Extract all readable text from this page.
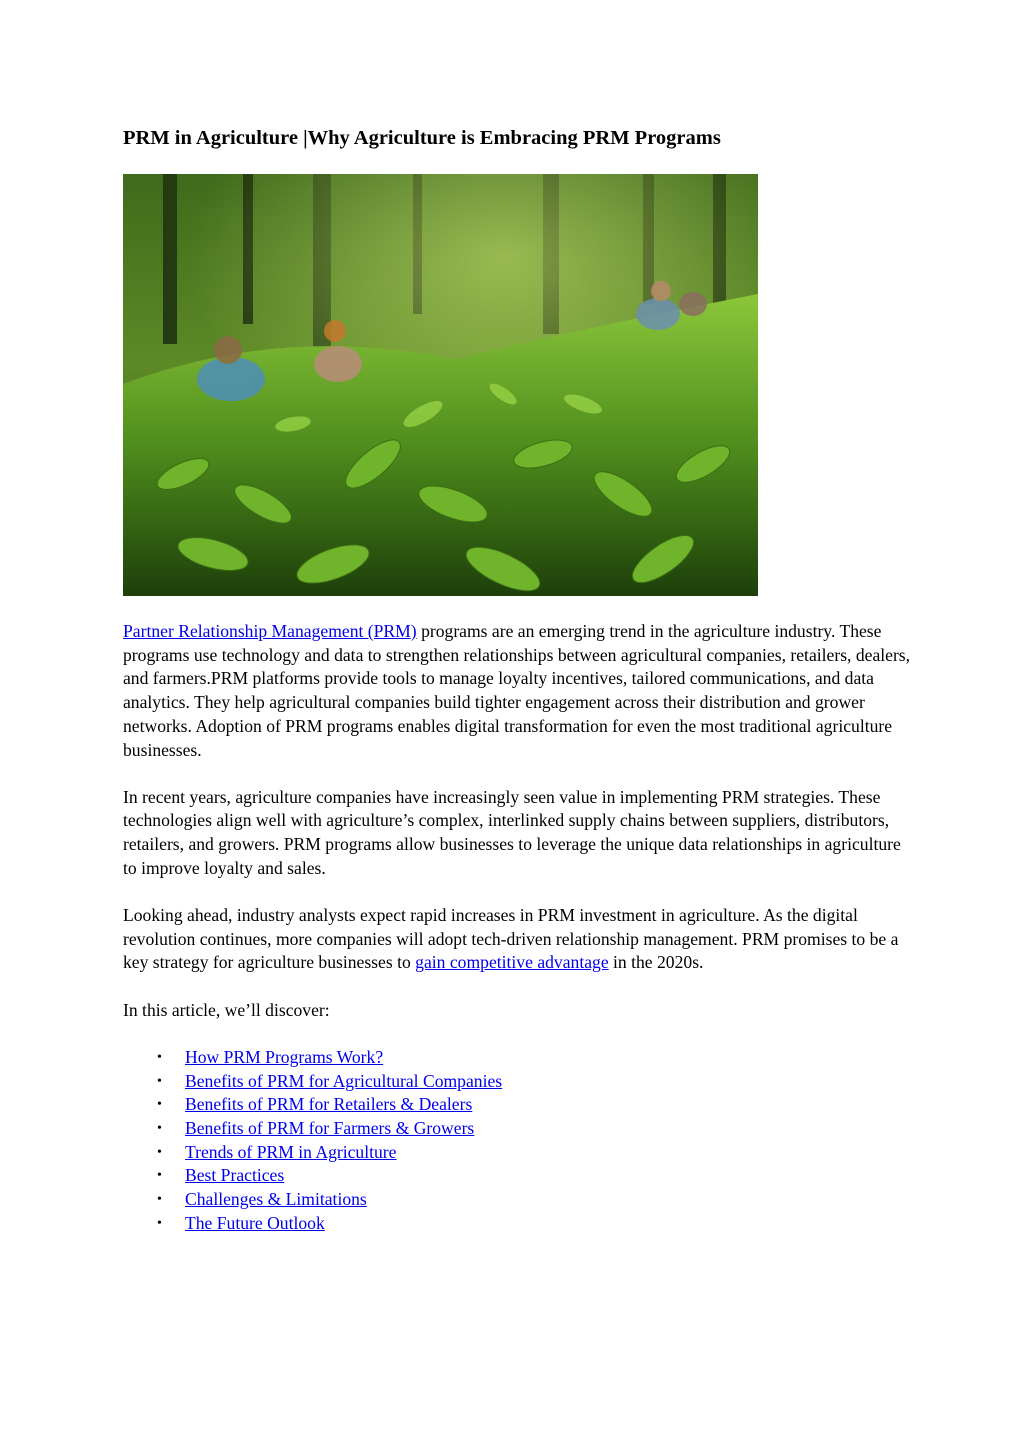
PRM in Agriculture |Why Agriculture is Embracing PRM Programs

Partner Relationship Management (PRM) programs are an emerging trend in the agriculture industry. These programs use technology and data to strengthen relationships between agricultural companies, retailers, dealers, and farmers.PRM platforms provide tools to manage loyalty incentives, tailored communications, and data analytics. They help agricultural companies build tighter engagement across their distribution and grower networks. Adoption of PRM programs enables digital transformation for even the most traditional agriculture businesses.

In recent years, agriculture companies have increasingly seen value in implementing PRM strategies. These technologies align well with agriculture’s complex, interlinked supply chains between suppliers, distributors, retailers, and growers. PRM programs allow businesses to leverage the unique data relationships in agriculture to improve loyalty and sales.

Looking ahead, industry analysts expect rapid increases in PRM investment in agriculture. As the digital revolution continues, more companies will adopt tech-driven relationship management. PRM promises to be a key strategy for agriculture businesses to gain competitive advantage in the 2020s.

In this article, we’ll discover:

• How PRM Programs Work?
• Benefits of PRM for Agricultural Companies
• Benefits of PRM for Retailers & Dealers
• Benefits of PRM for Farmers & Growers
• Trends of PRM in Agriculture
• Best Practices
• Challenges & Limitations
• The Future Outlook
